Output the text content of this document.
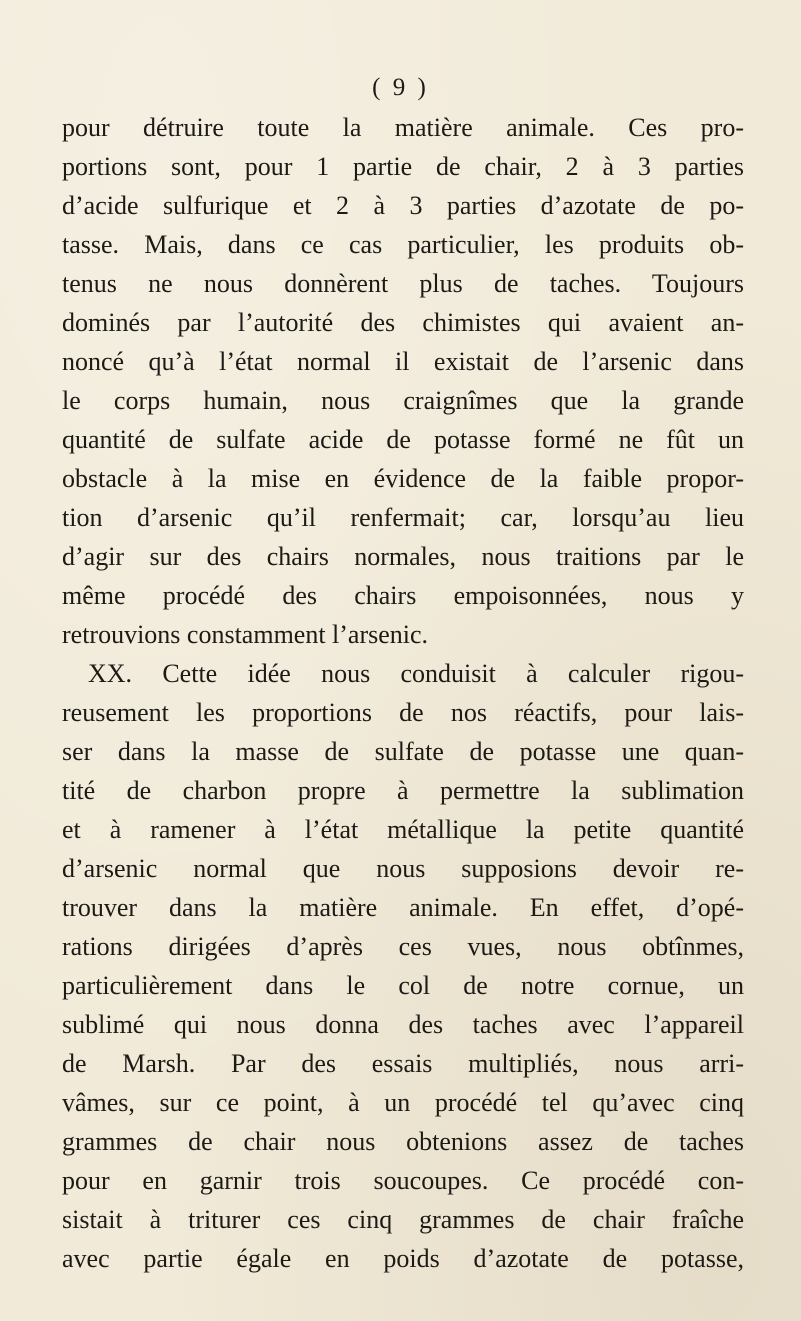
( 9 )
pour détruire toute la matière animale. Ces pro-
portions sont, pour 1 partie de chair, 2 à 3 parties
d’acide sulfurique et 2 à 3 parties d’azotate de po-
tasse. Mais, dans ce cas particulier, les produits ob-
tenus ne nous donnèrent plus de taches. Toujours
dominés par l’autorité des chimistes qui avaient an-
noncé qu’à l’état normal il existait de l’arsenic dans
le corps humain, nous craignîmes que la grande
quantité de sulfate acide de potasse formé ne fût un
obstacle à la mise en évidence de la faible propor-
tion d’arsenic qu’il renfermait; car, lorsqu’au lieu
d’agir sur des chairs normales, nous traitions par le
même procédé des chairs empoisonnées, nous y
retrouvions constamment l’arsenic.
XX. Cette idée nous conduisit à calculer rigou-
reusement les proportions de nos réactifs, pour lais-
ser dans la masse de sulfate de potasse une quan-
tité de charbon propre à permettre la sublimation
et à ramener à l’état métallique la petite quantité
d’arsenic normal que nous supposions devoir re-
trouver dans la matière animale. En effet, d’opé-
rations dirigées d’après ces vues, nous obtînmes,
particulièrement dans le col de notre cornue, un
sublimé qui nous donna des taches avec l’appareil
de Marsh. Par des essais multipliés, nous arri-
vâmes, sur ce point, à un procédé tel qu’avec cinq
grammes de chair nous obtenions assez de taches
pour en garnir trois soucoupes. Ce procédé con-
sistait à triturer ces cinq grammes de chair fraîche
avec partie égale en poids d’azotate de potasse,
